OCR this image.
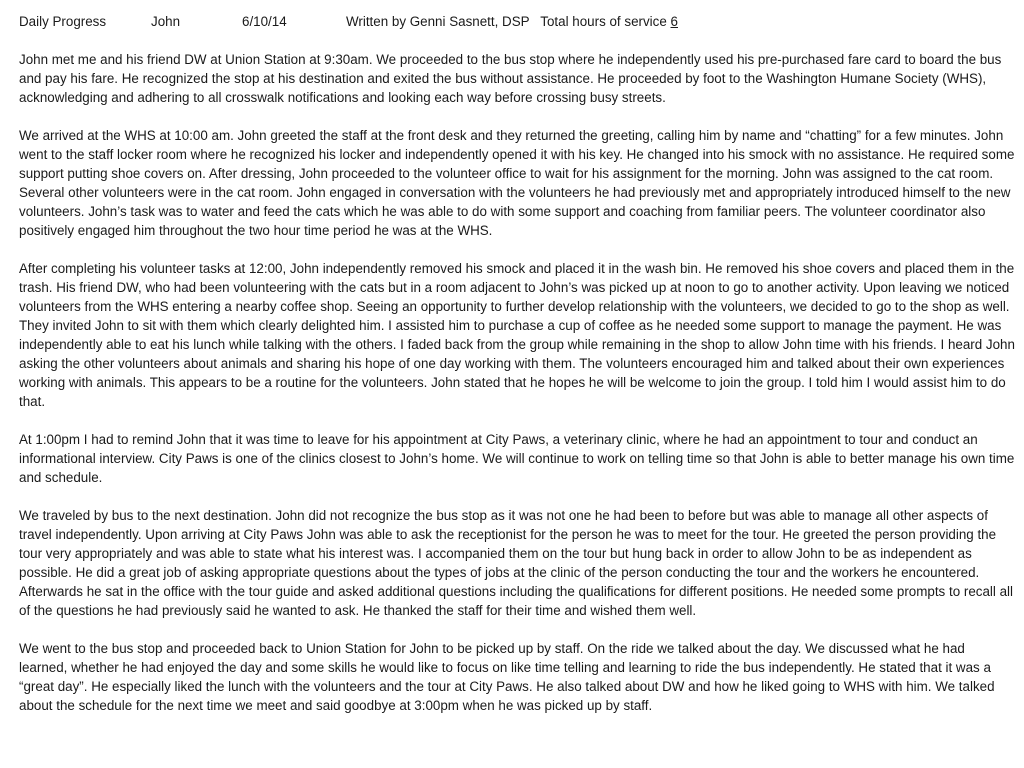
Daily Progress	John	6/10/14	Written by Genni Sasnett, DSP   Total hours of service 6

John met me and his friend DW at Union Station at 9:30am. We proceeded to the bus stop where he independently used his pre-purchased fare card to board the bus and pay his fare. He recognized the stop at his destination and exited the bus without assistance. He proceeded by foot to the Washington Humane Society (WHS), acknowledging and adhering to all crosswalk notifications and looking each way before crossing busy streets.

We arrived at the WHS at 10:00 am. John greeted the staff at the front desk and they returned the greeting, calling him by name and “chatting” for a few minutes. John went to the staff locker room where he recognized his locker and independently opened it with his key. He changed into his smock with no assistance. He required some support putting shoe covers on. After dressing, John proceeded to the volunteer office to wait for his assignment for the morning. John was assigned to the cat room. Several other volunteers were in the cat room. John engaged in conversation with the volunteers he had previously met and appropriately introduced himself to the new volunteers. John’s task was to water and feed the cats which he was able to do with some support and coaching from familiar peers. The volunteer coordinator also positively engaged him throughout the two hour time period he was at the WHS.

After completing his volunteer tasks at 12:00, John independently removed his smock and placed it in the wash bin. He removed his shoe covers and placed them in the trash. His friend DW, who had been volunteering with the cats but in a room adjacent to John’s was picked up at noon to go to another activity. Upon leaving we noticed volunteers from the WHS entering a nearby coffee shop. Seeing an opportunity to further develop relationship with the volunteers, we decided to go to the shop as well. They invited John to sit with them which clearly delighted him. I assisted him to purchase a cup of coffee as he needed some support to manage the payment. He was independently able to eat his lunch while talking with the others. I faded back from the group while remaining in the shop to allow John time with his friends. I heard John asking the other volunteers about animals and sharing his hope of one day working with them. The volunteers encouraged him and talked about their own experiences working with animals. This appears to be a routine for the volunteers. John stated that he hopes he will be welcome to join the group. I told him I would assist him to do that.

At 1:00pm I had to remind John that it was time to leave for his appointment at City Paws, a veterinary clinic, where he had an appointment to tour and conduct an informational interview. City Paws is one of the clinics closest to John’s home. We will continue to work on telling time so that John is able to better manage his own time and schedule.

We traveled by bus to the next destination. John did not recognize the bus stop as it was not one he had been to before but was able to manage all other aspects of travel independently. Upon arriving at City Paws John was able to ask the receptionist for the person he was to meet for the tour. He greeted the person providing the tour very appropriately and was able to state what his interest was. I accompanied them on the tour but hung back in order to allow John to be as independent as possible. He did a great job of asking appropriate questions about the types of jobs at the clinic of the person conducting the tour and the workers he encountered. Afterwards he sat in the office with the tour guide and asked additional questions including the qualifications for different positions. He needed some prompts to recall all of the questions he had previously said he wanted to ask. He thanked the staff for their time and wished them well.

We went to the bus stop and proceeded back to Union Station for John to be picked up by staff. On the ride we talked about the day. We discussed what he had learned, whether he had enjoyed the day and some skills he would like to focus on like time telling and learning to ride the bus independently. He stated that it was a “great day”. He especially liked the lunch with the volunteers and the tour at City Paws. He also talked about DW and how he liked going to WHS with him. We talked about the schedule for the next time we meet and said goodbye at 3:00pm when he was picked up by staff.
